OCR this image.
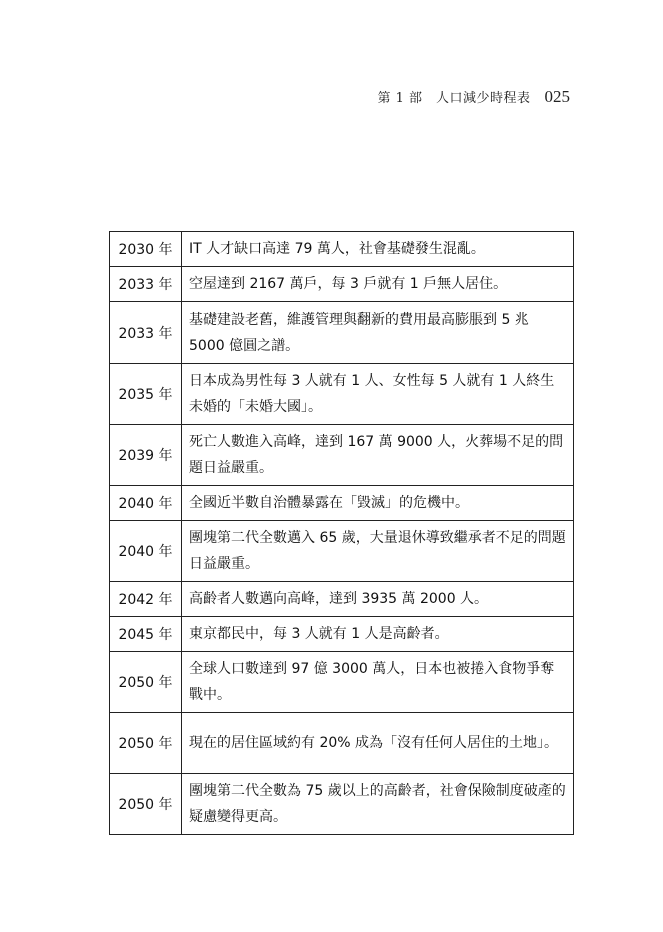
第 1 部　人口減少時程表 025
2030 年	IT 人才缺口高達 79 萬人，社會基礎發生混亂。
2033 年	空屋達到 2167 萬戶，每 3 戶就有 1 戶無人居住。
2033 年	基礎建設老舊，維護管理與翻新的費用最高膨脹到 5 兆 5000 億圓之譜。
2035 年	日本成為男性每 3 人就有 1 人、女性每 5 人就有 1 人終生未婚的「未婚大國」。
2039 年	死亡人數進入高峰，達到 167 萬 9000 人，火葬場不足的問題日益嚴重。
2040 年	全國近半數自治體暴露在「毀滅」的危機中。
2040 年	團塊第二代全數邁入 65 歲，大量退休導致繼承者不足的問題日益嚴重。
2042 年	高齡者人數邁向高峰，達到 3935 萬 2000 人。
2045 年	東京都民中，每 3 人就有 1 人是高齡者。
2050 年	全球人口數達到 97 億 3000 萬人，日本也被捲入食物爭奪戰中。
2050 年	現在的居住區域約有 20% 成為「沒有任何人居住的土地」。
2050 年	團塊第二代全數為 75 歲以上的高齡者，社會保險制度破產的疑慮變得更高。
